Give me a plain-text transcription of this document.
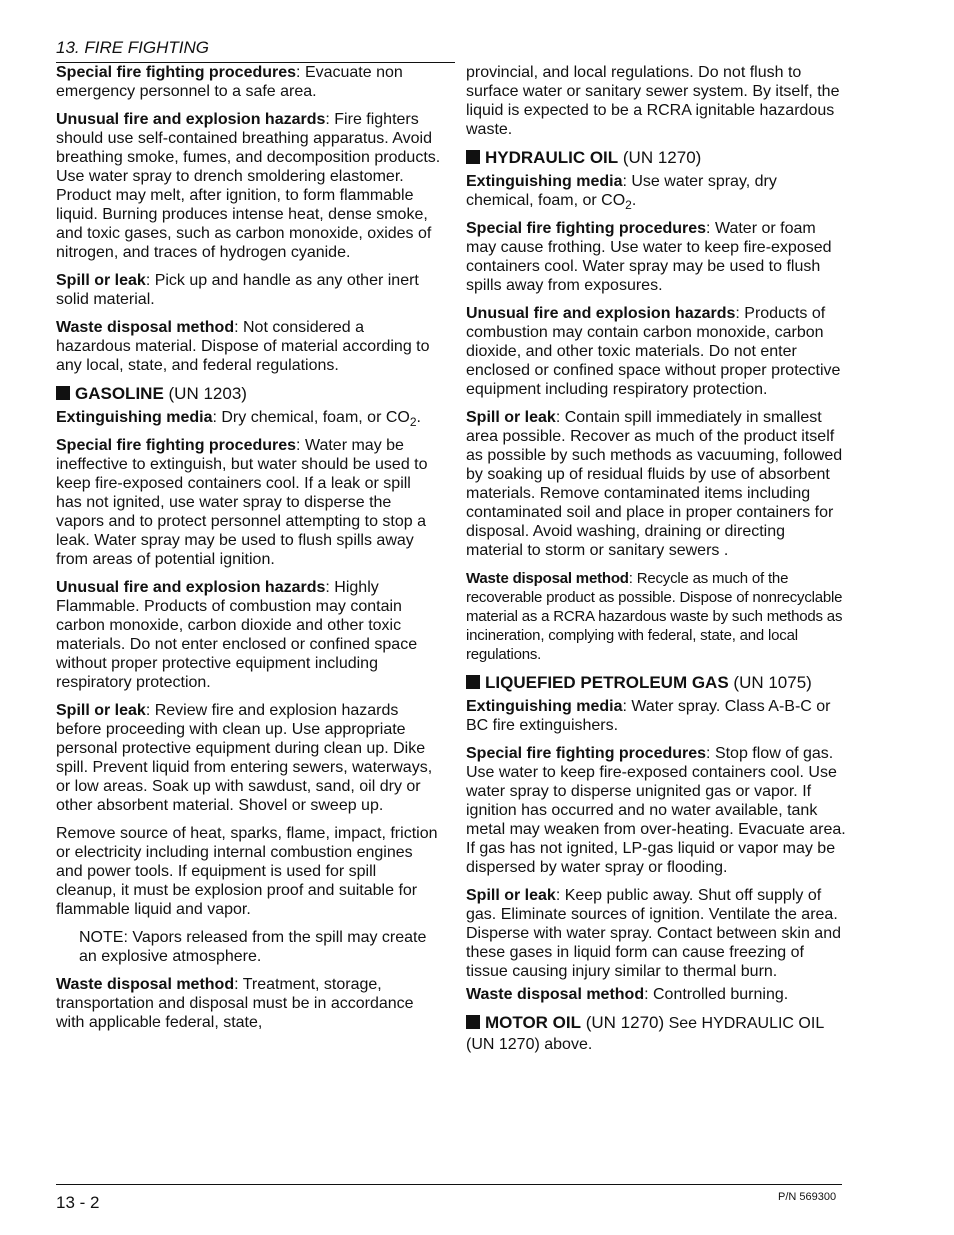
13. FIRE FIGHTING

Special fire fighting procedures: Evacuate non emergency personnel to a safe area.

Unusual fire and explosion hazards: Fire fighters should use self-contained breathing apparatus. Avoid breathing smoke, fumes, and decomposition products. Use water spray to drench smoldering elastomer. Product may melt, after ignition, to form flammable liquid. Burning produces intense heat, dense smoke, and toxic gases, such as carbon monoxide, oxides of nitrogen, and traces of hydrogen cyanide.

Spill or leak: Pick up and handle as any other inert solid material.

Waste disposal method: Not considered a hazardous material. Dispose of material according to any local, state, and federal regulations.

GASOLINE (UN 1203)

Extinguishing media: Dry chemical, foam, or $CO_2$.

Special fire fighting procedures: Water may be ineffective to extinguish, but water should be used to keep fire-exposed containers cool. If a leak or spill has not ignited, use water spray to disperse the vapors and to protect personnel attempting to stop a leak. Water spray may be used to flush spills away from areas of potential ignition.

Unusual fire and explosion hazards: Highly Flammable. Products of combustion may contain carbon monoxide, carbon dioxide and other toxic materials. Do not enter enclosed or confined space without proper protective equipment including respiratory protection.

Spill or leak: Review fire and explosion hazards before proceeding with clean up. Use appropriate personal protective equipment during clean up. Dike spill. Prevent liquid from entering sewers, waterways, or low areas. Soak up with sawdust, sand, oil dry or other absorbent material. Shovel or sweep up.

Remove source of heat, sparks, flame, impact, friction or electricity including internal combustion engines and power tools. If equipment is used for spill cleanup, it must be explosion proof and suitable for flammable liquid and vapor.

NOTE: Vapors released from the spill may create an explosive atmosphere.

Waste disposal method: Treatment, storage, transportation and disposal must be in accordance with applicable federal, state,

provincial, and local regulations. Do not flush to surface water or sanitary sewer system. By itself, the liquid is expected to be a RCRA ignitable hazardous waste.

HYDRAULIC OIL (UN 1270)

Extinguishing media: Use water spray, dry chemical, foam, or $CO_2$.

Special fire fighting procedures: Water or foam may cause frothing. Use water to keep fire-exposed containers cool. Water spray may be used to flush spills away from exposures.

Unusual fire and explosion hazards: Products of combustion may contain carbon monoxide, carbon dioxide, and other toxic materials. Do not enter enclosed or confined space without proper protective equipment including respiratory protection.

Spill or leak: Contain spill immediately in smallest area possible. Recover as much of the product itself as possible by such methods as vacuuming, followed by soaking up of residual fluids by use of absorbent materials. Remove contaminated items including contaminated soil and place in proper containers for disposal. Avoid washing, draining or directing material to storm or sanitary sewers .

Waste disposal method: Recycle as much of the recoverable product as possible. Dispose of nonrecyclable material as a RCRA hazardous waste by such methods as incineration, complying with federal, state, and local regulations.

LIQUEFIED PETROLEUM GAS (UN 1075)

Extinguishing media: Water spray. Class A-B-C or BC fire extinguishers.

Special fire fighting procedures: Stop flow of gas. Use water to keep fire-exposed containers cool. Use water spray to disperse unignited gas or vapor. If ignition has occurred and no water available, tank metal may weaken from over-heating. Evacuate area. If gas has not ignited, LP-gas liquid or vapor may be dispersed by water spray or flooding.

Spill or leak: Keep public away. Shut off supply of gas. Eliminate sources of ignition. Ventilate the area. Disperse with water spray. Contact between skin and these gases in liquid form can cause freezing of tissue causing injury similar to thermal burn.

Waste disposal method: Controlled burning.

MOTOR OIL (UN 1270) See HYDRAULIC OIL (UN 1270) above.
13 - 2	P/N 569300
